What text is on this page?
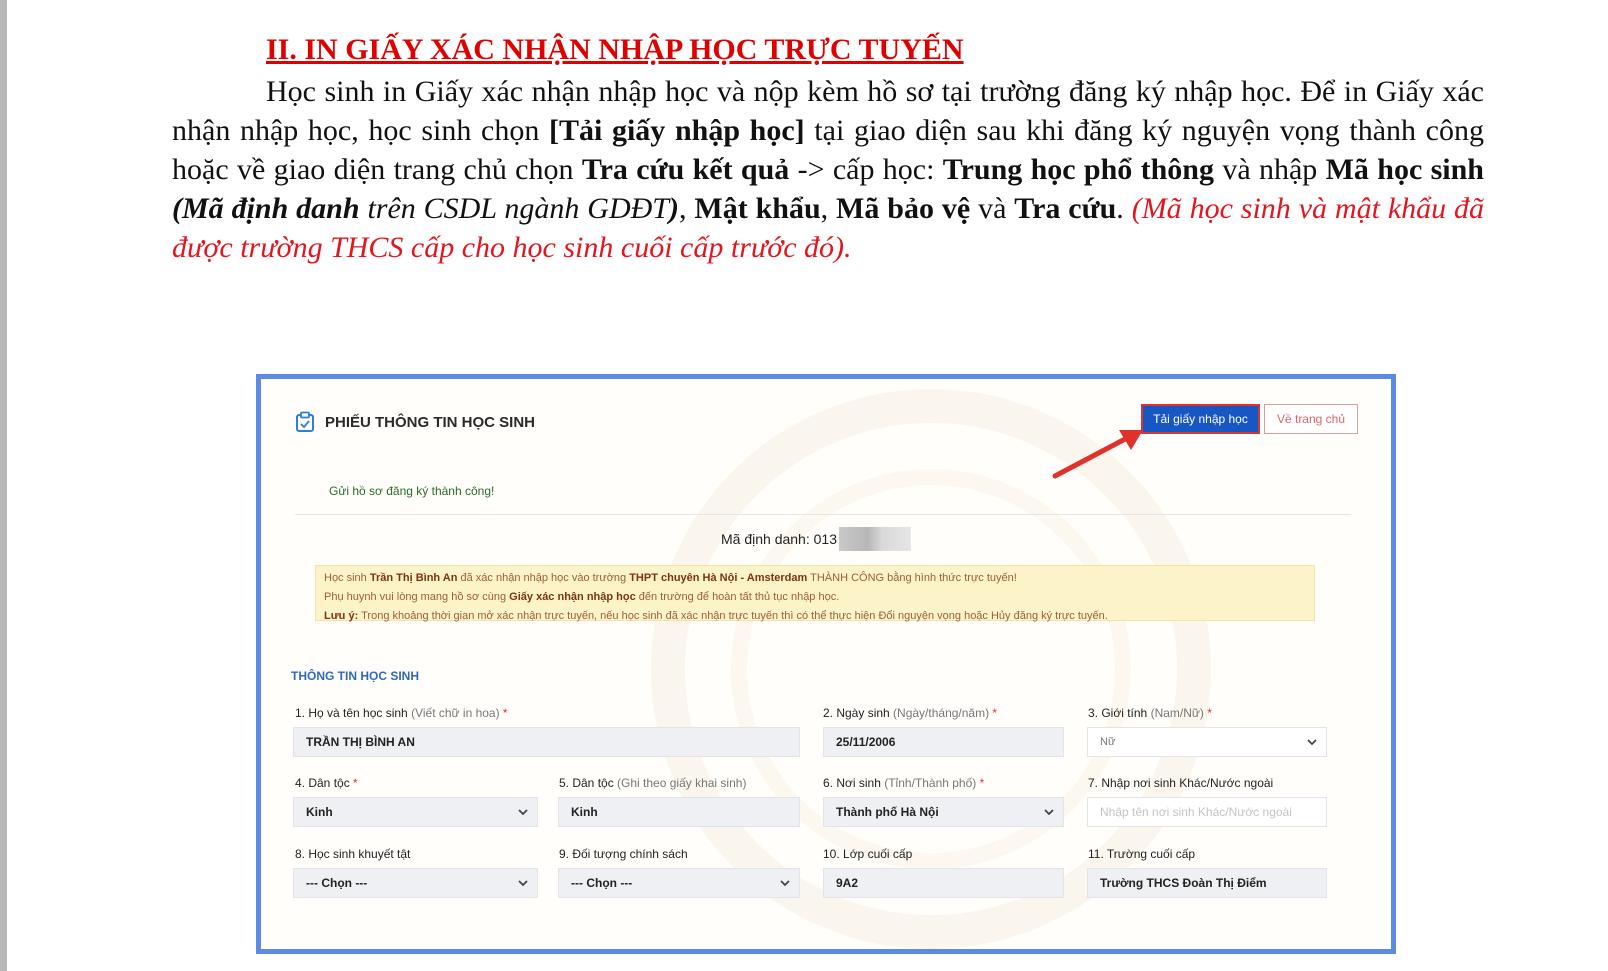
II. IN GIẤY XÁC NHẬN NHẬP HỌC TRỰC TUYẾN

Học sinh in Giấy xác nhận nhập học và nộp kèm hồ sơ tại trường đăng ký nhập học. Để in Giấy xác nhận nhập học, học sinh chọn [Tải giấy nhập học] tại giao diện sau khi đăng ký nguyện vọng thành công hoặc về giao diện trang chủ chọn Tra cứu kết quả -> cấp học: Trung học phổ thông và nhập Mã học sinh (Mã định danh trên CSDL ngành GDĐT), Mật khẩu, Mã bảo vệ và Tra cứu. (Mã học sinh và mật khẩu đã được trường THCS cấp cho học sinh cuối cấp trước đó).

PHIẾU THÔNG TIN HỌC SINH	Tải giấy nhập học	Về trang chủ
Gửi hồ sơ đăng ký thành công!
Mã định danh: 013
Học sinh Trần Thị Bình An đã xác nhận nhập học vào trường THPT chuyên Hà Nội - Amsterdam THÀNH CÔNG bằng hình thức trực tuyến!
Phụ huynh vui lòng mang hồ sơ cùng Giấy xác nhận nhập học đến trường để hoàn tất thủ tục nhập học.
Lưu ý: Trong khoảng thời gian mở xác nhận trực tuyến, nếu học sinh đã xác nhận trực tuyến thì có thể thực hiện Đổi nguyện vọng hoặc Hủy đăng ký trực tuyến.
THÔNG TIN HỌC SINH
1. Họ và tên học sinh (Viết chữ in hoa) *
TRẦN THỊ BÌNH AN
2. Ngày sinh (Ngày/tháng/năm) *
25/11/2006
3. Giới tính (Nam/Nữ) *
Nữ
4. Dân tộc *
Kinh
5. Dân tộc (Ghi theo giấy khai sinh)
Kinh
6. Nơi sinh (Tỉnh/Thành phố) *
Thành phố Hà Nội
7. Nhập nơi sinh Khác/Nước ngoài
Nhập tên nơi sinh Khác/Nước ngoài
8. Học sinh khuyết tật
--- Chọn ---
9. Đối tượng chính sách
--- Chọn ---
10. Lớp cuối cấp
9A2
11. Trường cuối cấp
Trường THCS Đoàn Thị Điểm
